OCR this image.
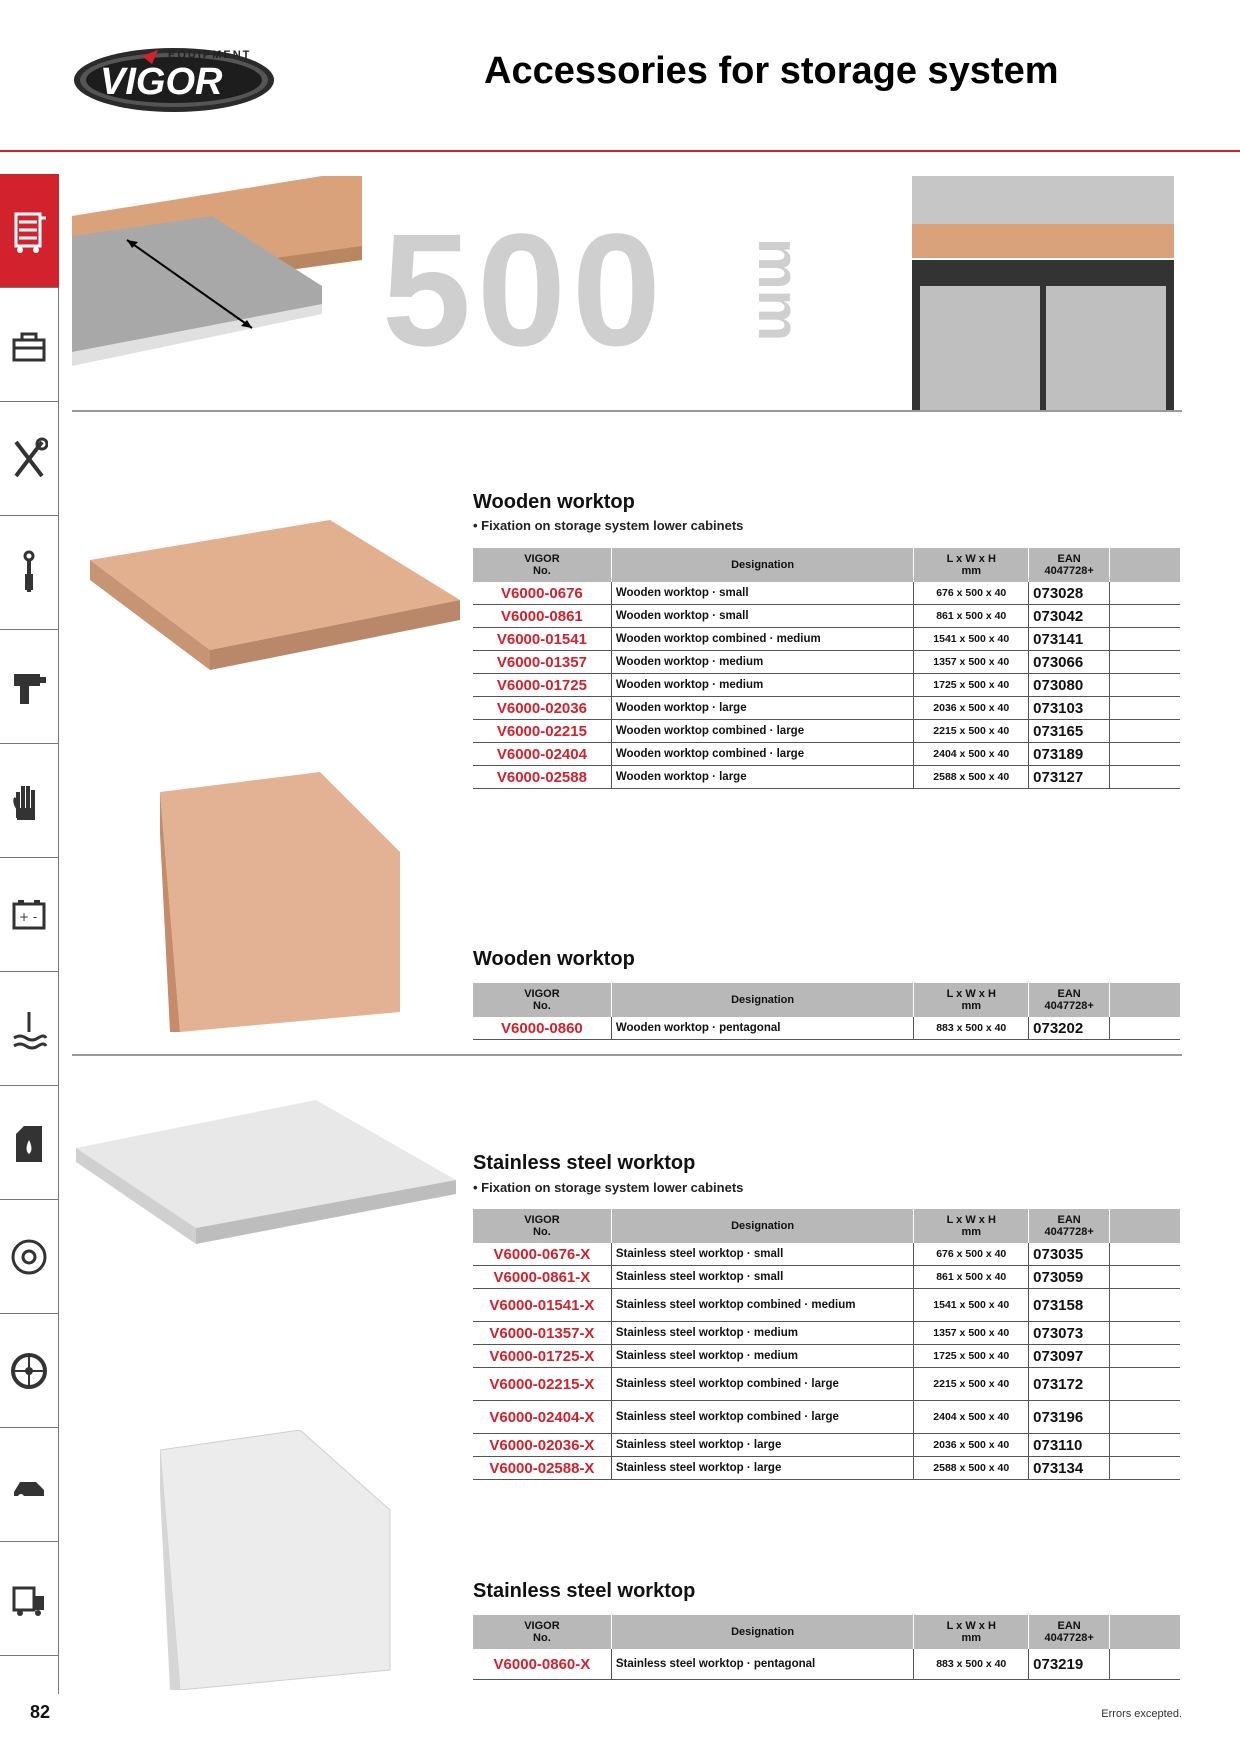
EQUIPMENT
VIGOR	Accessories for storage system
+ -
500 mm
Wooden worktop
• Fixation on storage system lower cabinets
VIGOR
No.	Designation	L x W x H
mm	EAN
4047728+	
V6000-0676	Wooden worktop · small	676 x 500 x 40	073028	
V6000-0861	Wooden worktop · small	861 x 500 x 40	073042	
V6000-01541	Wooden worktop combined · medium	1541 x 500 x 40	073141	
V6000-01357	Wooden worktop · medium	1357 x 500 x 40	073066	
V6000-01725	Wooden worktop · medium	1725 x 500 x 40	073080	
V6000-02036	Wooden worktop · large	2036 x 500 x 40	073103	
V6000-02215	Wooden worktop combined · large	2215 x 500 x 40	073165	
V6000-02404	Wooden worktop combined · large	2404 x 500 x 40	073189	
V6000-02588	Wooden worktop · large	2588 x 500 x 40	073127	
Wooden worktop
VIGOR
No.	Designation	L x W x H
mm	EAN
4047728+	
V6000-0860	Wooden worktop · pentagonal	883 x 500 x 40	073202	
Stainless steel worktop
• Fixation on storage system lower cabinets
VIGOR
No.	Designation	L x W x H
mm	EAN
4047728+	
V6000-0676-X	Stainless steel worktop · small	676 x 500 x 40	073035	
V6000-0861-X	Stainless steel worktop · small	861 x 500 x 40	073059	
V6000-01541-X	Stainless steel worktop combined · medium	1541 x 500 x 40	073158	
V6000-01357-X	Stainless steel worktop · medium	1357 x 500 x 40	073073	
V6000-01725-X	Stainless steel worktop · medium	1725 x 500 x 40	073097	
V6000-02215-X	Stainless steel worktop combined · large	2215 x 500 x 40	073172	
V6000-02404-X	Stainless steel worktop combined · large	2404 x 500 x 40	073196	
V6000-02036-X	Stainless steel worktop · large	2036 x 500 x 40	073110	
V6000-02588-X	Stainless steel worktop · large	2588 x 500 x 40	073134	
Stainless steel worktop
VIGOR
No.	Designation	L x W x H
mm	EAN
4047728+	
V6000-0860-X	Stainless steel worktop · pentagonal	883 x 500 x 40	073219	
82	Errors excepted.
